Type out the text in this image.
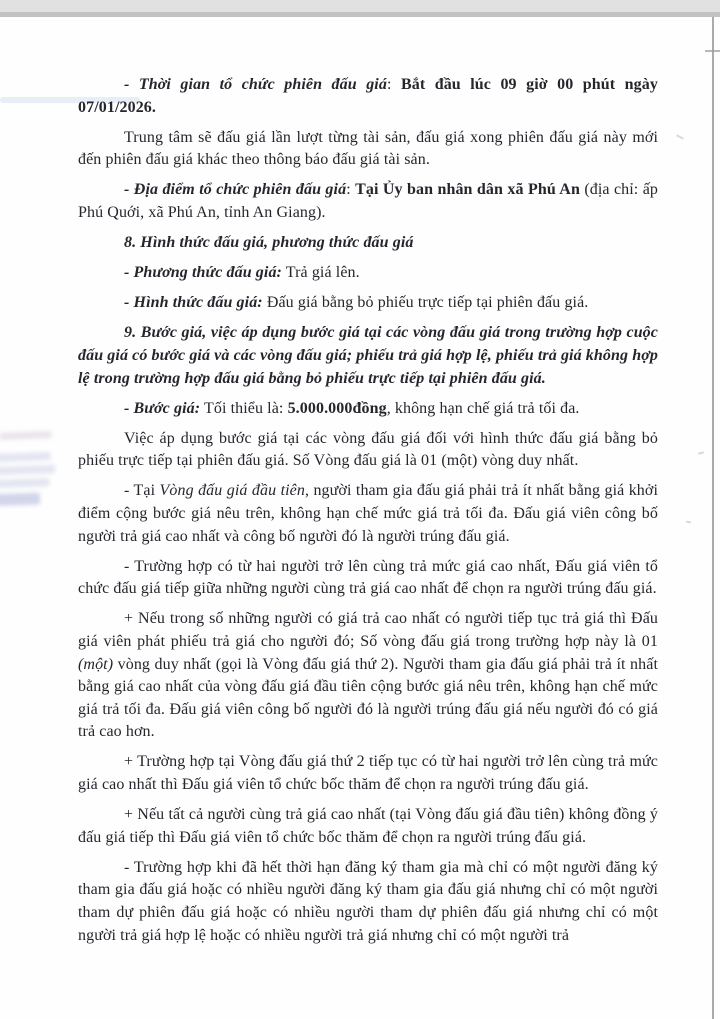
- Thời gian tổ chức phiên đấu giá: Bắt đầu lúc 09 giờ 00 phút ngày 07/01/2026.

Trung tâm sẽ đấu giá lần lượt từng tài sản, đấu giá xong phiên đấu giá này mới đến phiên đấu giá khác theo thông báo đấu giá tài sản.

- Địa điểm tổ chức phiên đấu giá: Tại Ủy ban nhân dân xã Phú An (địa chỉ: ấp Phú Quới, xã Phú An, tỉnh An Giang).

8. Hình thức đấu giá, phương thức đấu giá

- Phương thức đấu giá: Trả giá lên.

- Hình thức đấu giá: Đấu giá bằng bỏ phiếu trực tiếp tại phiên đấu giá.

9. Bước giá, việc áp dụng bước giá tại các vòng đấu giá trong trường hợp cuộc đấu giá có bước giá và các vòng đấu giá; phiếu trả giá hợp lệ, phiếu trả giá không hợp lệ trong trường hợp đấu giá bằng bỏ phiếu trực tiếp tại phiên đấu giá.

- Bước giá: Tối thiểu là: 5.000.000đồng, không hạn chế giá trả tối đa.

Việc áp dụng bước giá tại các vòng đấu giá đối với hình thức đấu giá bằng bỏ phiếu trực tiếp tại phiên đấu giá. Số Vòng đấu giá là 01 (một) vòng duy nhất.

- Tại Vòng đấu giá đầu tiên, người tham gia đấu giá phải trả ít nhất bằng giá khởi điểm cộng bước giá nêu trên, không hạn chế mức giá trả tối đa. Đấu giá viên công bố người trả giá cao nhất và công bố người đó là người trúng đấu giá.

- Trường hợp có từ hai người trở lên cùng trả mức giá cao nhất, Đấu giá viên tổ chức đấu giá tiếp giữa những người cùng trả giá cao nhất để chọn ra người trúng đấu giá.

+ Nếu trong số những người có giá trả cao nhất có người tiếp tục trả giá thì Đấu giá viên phát phiếu trả giá cho người đó; Số vòng đấu giá trong trường hợp này là 01 (một) vòng duy nhất (gọi là Vòng đấu giá thứ 2). Người tham gia đấu giá phải trả ít nhất bằng giá cao nhất của vòng đấu giá đầu tiên cộng bước giá nêu trên, không hạn chế mức giá trả tối đa. Đấu giá viên công bố người đó là người trúng đấu giá nếu người đó có giá trả cao hơn.

+ Trường hợp tại Vòng đấu giá thứ 2 tiếp tục có từ hai người trở lên cùng trả mức giá cao nhất thì Đấu giá viên tổ chức bốc thăm để chọn ra người trúng đấu giá.

+ Nếu tất cả người cùng trả giá cao nhất (tại Vòng đấu giá đầu tiên) không đồng ý đấu giá tiếp thì Đấu giá viên tổ chức bốc thăm để chọn ra người trúng đấu giá.

- Trường hợp khi đã hết thời hạn đăng ký tham gia mà chỉ có một người đăng ký tham gia đấu giá hoặc có nhiều người đăng ký tham gia đấu giá nhưng chỉ có một người tham dự phiên đấu giá hoặc có nhiều người tham dự phiên đấu giá nhưng chỉ có một người trả giá hợp lệ hoặc có nhiều người trả giá nhưng chỉ có một người trả
